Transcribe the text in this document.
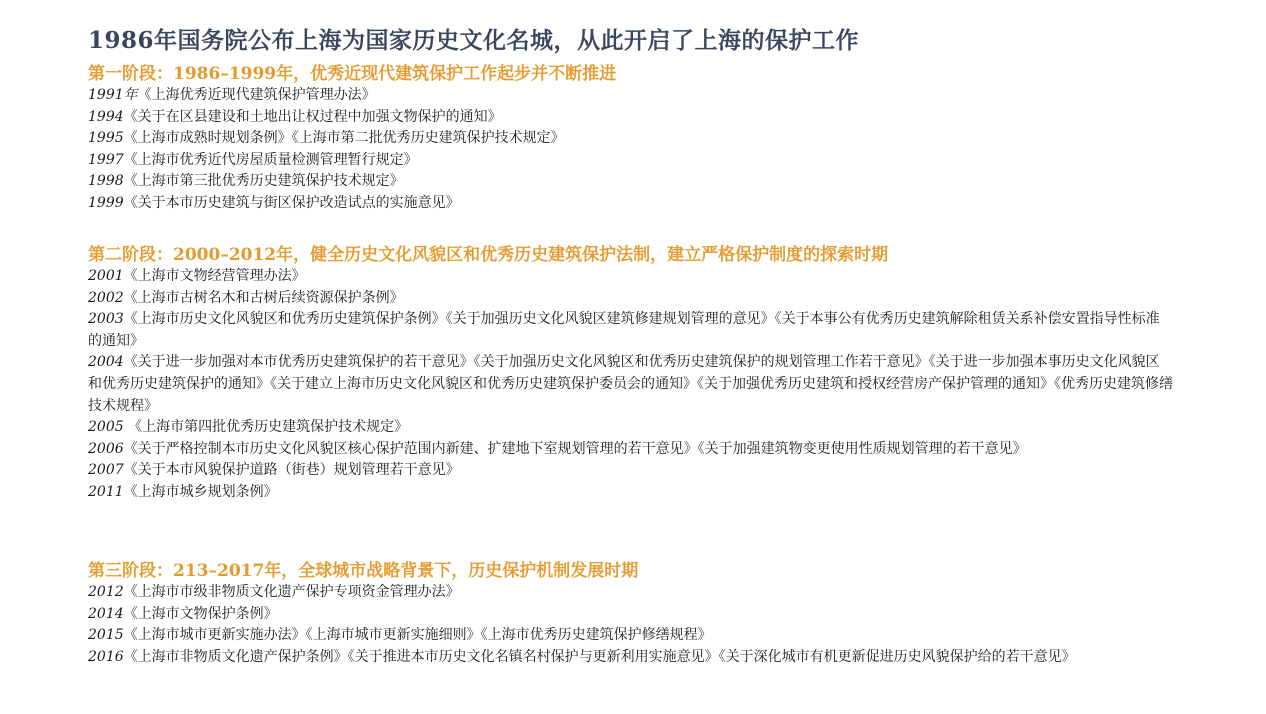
1986年国务院公布上海为国家历史文化名城，从此开启了上海的保护工作
第一阶段：1986–1999年，优秀近现代建筑保护工作起步并不断推进

1991年《上海优秀近现代建筑保护管理办法》

1994《关于在区县建设和土地出让权过程中加强文物保护的通知》

1995《上海市成熟时规划条例》《上海市第二批优秀历史建筑保护技术规定》

1997《上海市优秀近代房屋质量检测管理暂行规定》

1998《上海市第三批优秀历史建筑保护技术规定》

1999《关于本市历史建筑与街区保护改造试点的实施意见》

第二阶段：2000–2012年，健全历史文化风貌区和优秀历史建筑保护法制，建立严格保护制度的探索时期

2001《上海市文物经营管理办法》

2002《上海市古树名木和古树后续资源保护条例》

2003《上海市历史文化风貌区和优秀历史建筑保护条例》《关于加强历史文化风貌区建筑修建规划管理的意见》《关于本事公有优秀历史建筑解除租赁关系补偿安置指导性标准 的通知》

2004《关于进一步加强对本市优秀历史建筑保护的若干意见》《关于加强历史文化风貌区和优秀历史建筑保护的规划管理工作若干意见》《关于进一步加强本事历史文化风貌区和优秀历史建筑保护的通知》《关于建立上海市历史文化风貌区和优秀历史建筑保护委员会的通知》《关于加强优秀历史建筑和授权经营房产保护管理的通知》《优秀历史建筑修缮技术规程》

2005 《上海市第四批优秀历史建筑保护技术规定》

2006《关于严格控制本市历史文化风貌区核心保护范围内新建、扩建地下室规划管理的若干意见》《关于加强建筑物变更使用性质规划管理的若干意见》

2007《关于本市风貌保护道路（街巷）规划管理若干意见》

2011《上海市城乡规划条例》

第三阶段：213–2017年，全球城市战略背景下，历史保护机制发展时期

2012《上海市市级非物质文化遗产保护专项资金管理办法》

2014《上海市文物保护条例》

2015《上海市城市更新实施办法》《上海市城市更新实施细则》《上海市优秀历史建筑保护修缮规程》

2016《上海市非物质文化遗产保护条例》《关于推进本市历史文化名镇名村保护与更新利用实施意见》《关于深化城市有机更新促进历史风貌保护给的若干意见》
